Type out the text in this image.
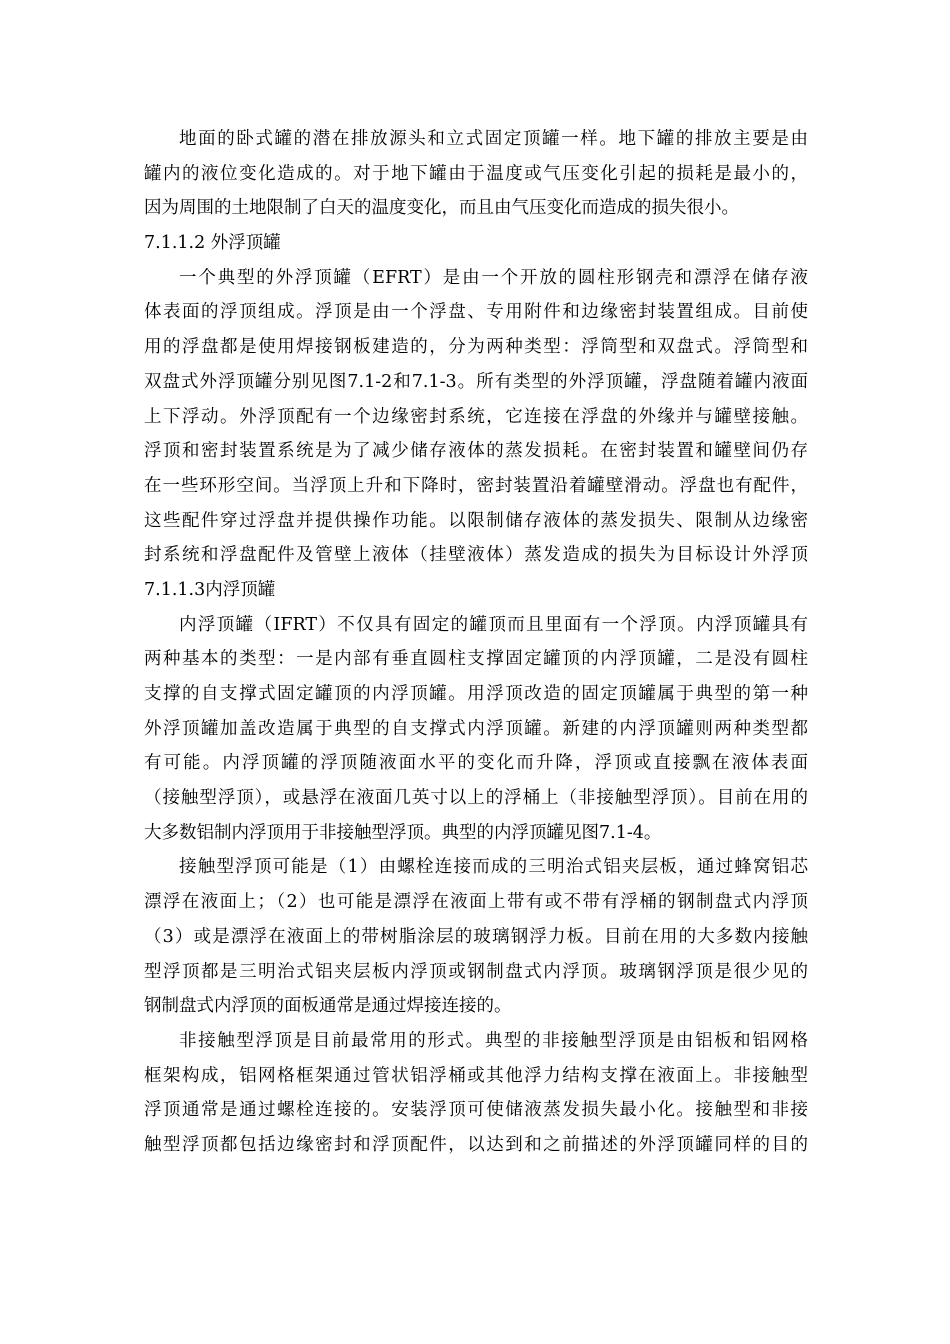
地面的卧式罐的潜在排放源头和立式固定顶罐一样。地下罐的排放主要是由
罐内的液位变化造成的。对于地下罐由于温度或气压变化引起的损耗是最小的，
因为周围的土地限制了白天的温度变化，而且由气压变化而造成的损失很小。
7.1.1.2 外浮顶罐
一个典型的外浮顶罐（EFRT）是由一个开放的圆柱形钢壳和漂浮在储存液
体表面的浮顶组成。浮顶是由一个浮盘、专用附件和边缘密封装置组成。目前使
用的浮盘都是使用焊接钢板建造的，分为两种类型：浮筒型和双盘式。浮筒型和
双盘式外浮顶罐分别见图7.1-2和7.1-3。所有类型的外浮顶罐，浮盘随着罐内液面
上下浮动。外浮顶配有一个边缘密封系统，它连接在浮盘的外缘并与罐壁接触。
浮顶和密封装置系统是为了减少储存液体的蒸发损耗。在密封装置和罐壁间仍存
在一些环形空间。当浮顶上升和下降时，密封装置沿着罐壁滑动。浮盘也有配件，
这些配件穿过浮盘并提供操作功能。以限制储存液体的蒸发损失、限制从边缘密
封系统和浮盘配件及管壁上液体（挂壁液体）蒸发造成的损失为目标设计外浮顶
7.1.1.3内浮顶罐
内浮顶罐（IFRT）不仅具有固定的罐顶而且里面有一个浮顶。内浮顶罐具有
两种基本的类型：一是内部有垂直圆柱支撑固定罐顶的内浮顶罐，二是没有圆柱
支撑的自支撑式固定罐顶的内浮顶罐。用浮顶改造的固定顶罐属于典型的第一种
外浮顶罐加盖改造属于典型的自支撑式内浮顶罐。新建的内浮顶罐则两种类型都
有可能。内浮顶罐的浮顶随液面水平的变化而升降，浮顶或直接飘在液体表面
（接触型浮顶），或悬浮在液面几英寸以上的浮桶上（非接触型浮顶）。目前在用的
大多数铝制内浮顶用于非接触型浮顶。典型的内浮顶罐见图7.1-4。
接触型浮顶可能是（1）由螺栓连接而成的三明治式铝夹层板，通过蜂窝铝芯
漂浮在液面上；（2）也可能是漂浮在液面上带有或不带有浮桶的钢制盘式内浮顶
（3）或是漂浮在液面上的带树脂涂层的玻璃钢浮力板。目前在用的大多数内接触
型浮顶都是三明治式铝夹层板内浮顶或钢制盘式内浮顶。玻璃钢浮顶是很少见的
钢制盘式内浮顶的面板通常是通过焊接连接的。
非接触型浮顶是目前最常用的形式。典型的非接触型浮顶是由铝板和铝网格
框架构成，铝网格框架通过管状铝浮桶或其他浮力结构支撑在液面上。非接触型
浮顶通常是通过螺栓连接的。安装浮顶可使储液蒸发损失最小化。接触型和非接
触型浮顶都包括边缘密封和浮顶配件，以达到和之前描述的外浮顶罐同样的目的
